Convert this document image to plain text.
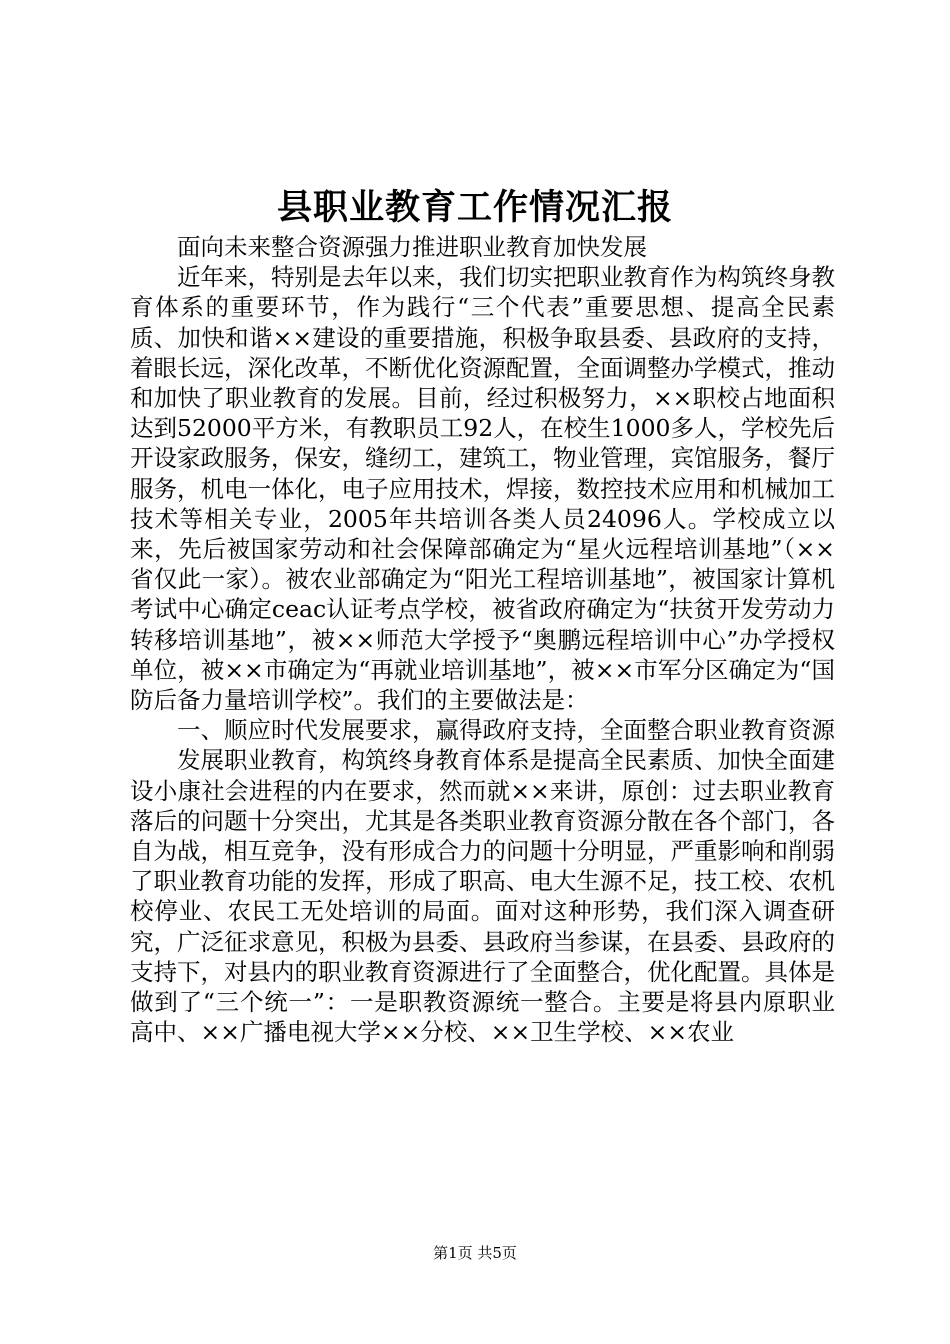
县职业教育工作情况汇报

面向未来整合资源强力推进职业教育加快发展

近年来，特别是去年以来，我们切实把职业教育作为构筑终身教育体系的重要环节，作为践行“三个代表”重要思想、提高全民素质、加快和谐××建设的重要措施，积极争取县委、县政府的支持，着眼长远，深化改革，不断优化资源配置，全面调整办学模式，推动和加快了职业教育的发展。目前，经过积极努力，××职校占地面积达到52000平方米，有教职员工92人，在校生1000多人，学校先后开设家政服务，保安，缝纫工，建筑工，物业管理，宾馆服务，餐厅服务，机电一体化，电子应用技术，焊接，数控技术应用和机械加工技术等相关专业，2005年共培训各类人员24096人。学校成立以来，先后被国家劳动和社会保障部确定为“星火远程培训基地”（××省仅此一家）。被农业部确定为“阳光工程培训基地”，被国家计算机考试中心确定ceac认证考点学校，被省政府确定为“扶贫开发劳动力转移培训基地”，被××师范大学授予“奥鹏远程培训中心”办学授权单位，被××市确定为“再就业培训基地”，被××市军分区确定为“国防后备力量培训学校”。我们的主要做法是：

一、顺应时代发展要求，赢得政府支持，全面整合职业教育资源

发展职业教育，构筑终身教育体系是提高全民素质、加快全面建设小康社会进程的内在要求，然而就××来讲，原创：过去职业教育落后的问题十分突出，尤其是各类职业教育资源分散在各个部门，各自为战，相互竞争，没有形成合力的问题十分明显，严重影响和削弱了职业教育功能的发挥，形成了职高、电大生源不足，技工校、农机校停业、农民工无处培训的局面。面对这种形势，我们深入调查研究，广泛征求意见，积极为县委、县政府当参谋，在县委、县政府的支持下，对县内的职业教育资源进行了全面整合，优化配置。具体是做到了“三个统一”：一是职教资源统一整合。主要是将县内原职业高中、××广播电视大学××分校、××卫生学校、××农业

第1页 共5页
